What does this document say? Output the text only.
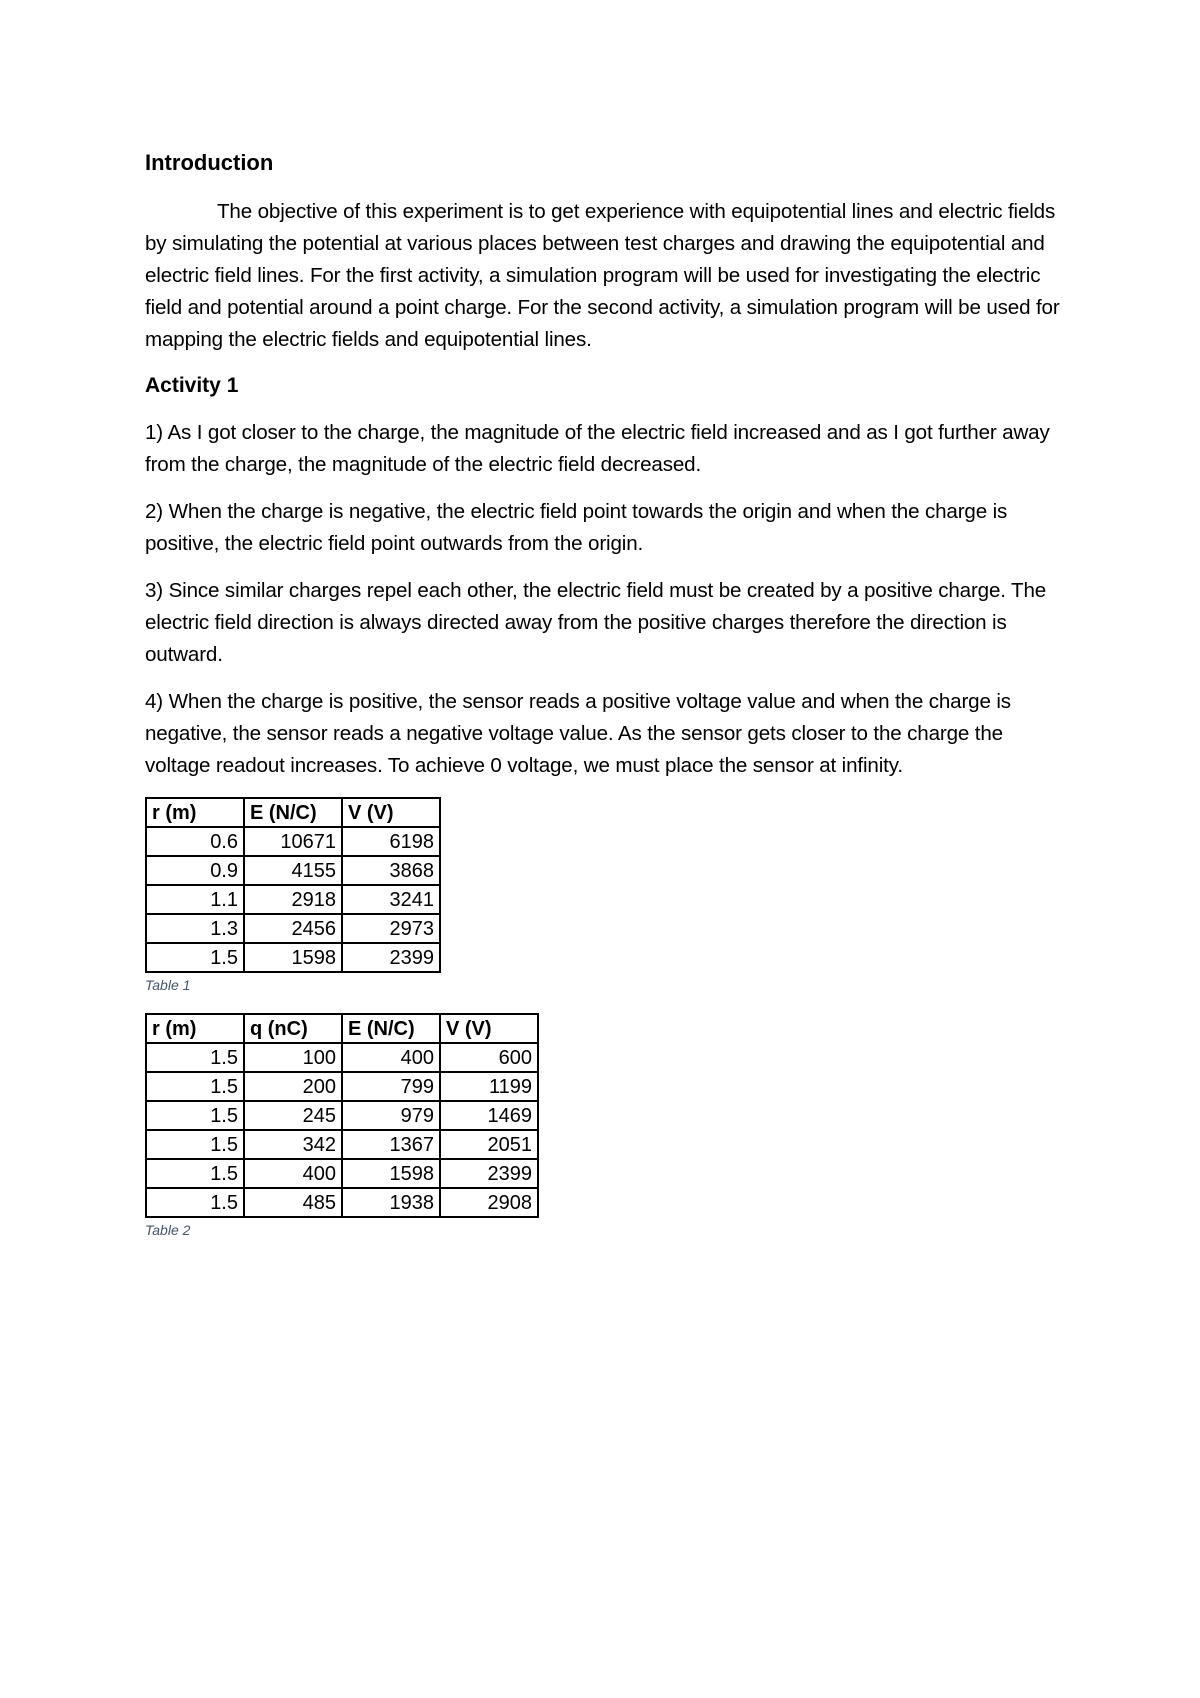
Introduction

The objective of this experiment is to get experience with equipotential lines and electric fields by simulating the potential at various places between test charges and drawing the equipotential and electric field lines. For the first activity, a simulation program will be used for investigating the electric field and potential around a point charge. For the second activity, a simulation program will be used for mapping the electric fields and equipotential lines.

Activity 1

1) As I got closer to the charge, the magnitude of the electric field increased and as I got further away from the charge, the magnitude of the electric field decreased.

2) When the charge is negative, the electric field point towards the origin and when the charge is positive, the electric field point outwards from the origin.

3) Since similar charges repel each other, the electric field must be created by a positive charge. The electric field direction is always directed away from the positive charges therefore the direction is outward.

4) When the charge is positive, the sensor reads a positive voltage value and when the charge is negative, the sensor reads a negative voltage value. As the sensor gets closer to the charge the voltage readout increases. To achieve 0 voltage, we must place the sensor at infinity.

r (m)	E (N/C)	V (V)
0.6	10671	6198
0.9	4155	3868
1.1	2918	3241
1.3	2456	2973
1.5	1598	2399
Table 1
r (m)	q (nC)	E (N/C)	V (V)
1.5	100	400	600
1.5	200	799	1199
1.5	245	979	1469
1.5	342	1367	2051
1.5	400	1598	2399
1.5	485	1938	2908
Table 2
